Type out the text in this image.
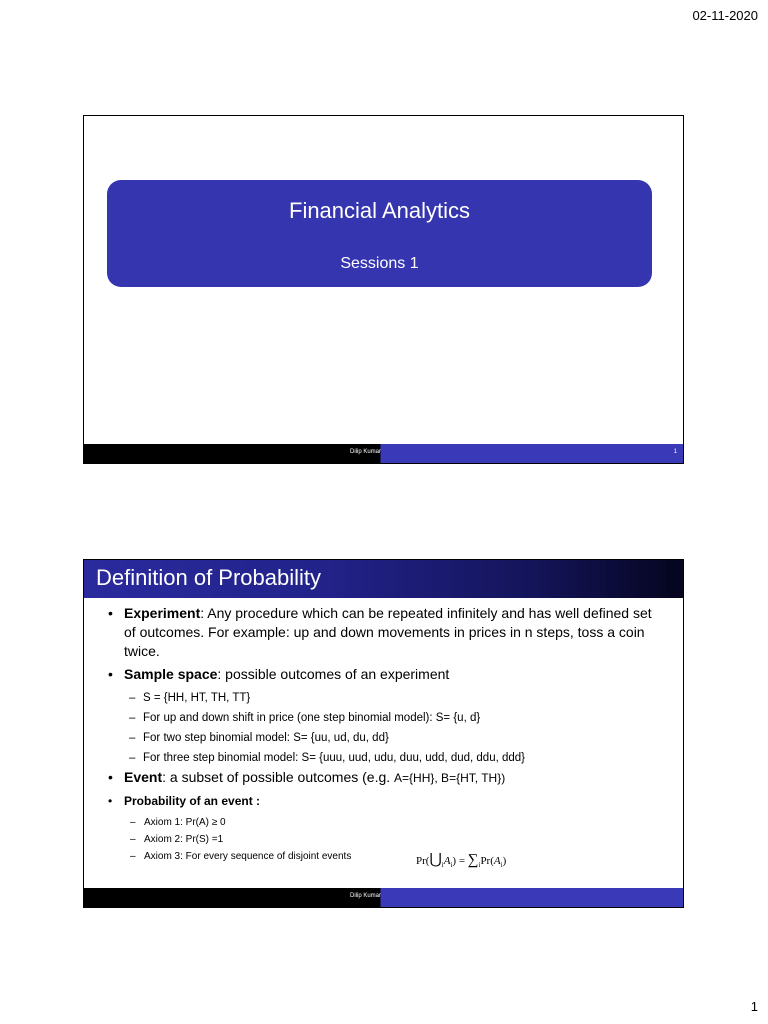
02-11-2020
Financial Analytics
Sessions 1
Dilip Kumar	1
Definition of Probability
• Experiment: Any procedure which can be repeated infinitely and has well defined set of outcomes. For example: up and down movements in prices in n steps, toss a coin twice.
• Sample space: possible outcomes of an experiment
– S = {HH, HT, TH, TT}
– For up and down shift in price (one step binomial model): S= {u, d}
– For two step binomial model: S= {uu, ud, du, dd}
– For three step binomial model: S= {uuu, uud, udu, duu, udd, dud, ddu, ddd}
• Event: a subset of possible outcomes (e.g. A={HH}, B={HT, TH})
• Probability of an event :
– Axiom 1: Pr(A) ≥ 0
– Axiom 2: Pr(S) =1
– Axiom 3: For every sequence of disjoint events	$Pr(⋃_iA_i) = \sum_iPr(A_i)$
Dilip Kumar
1
